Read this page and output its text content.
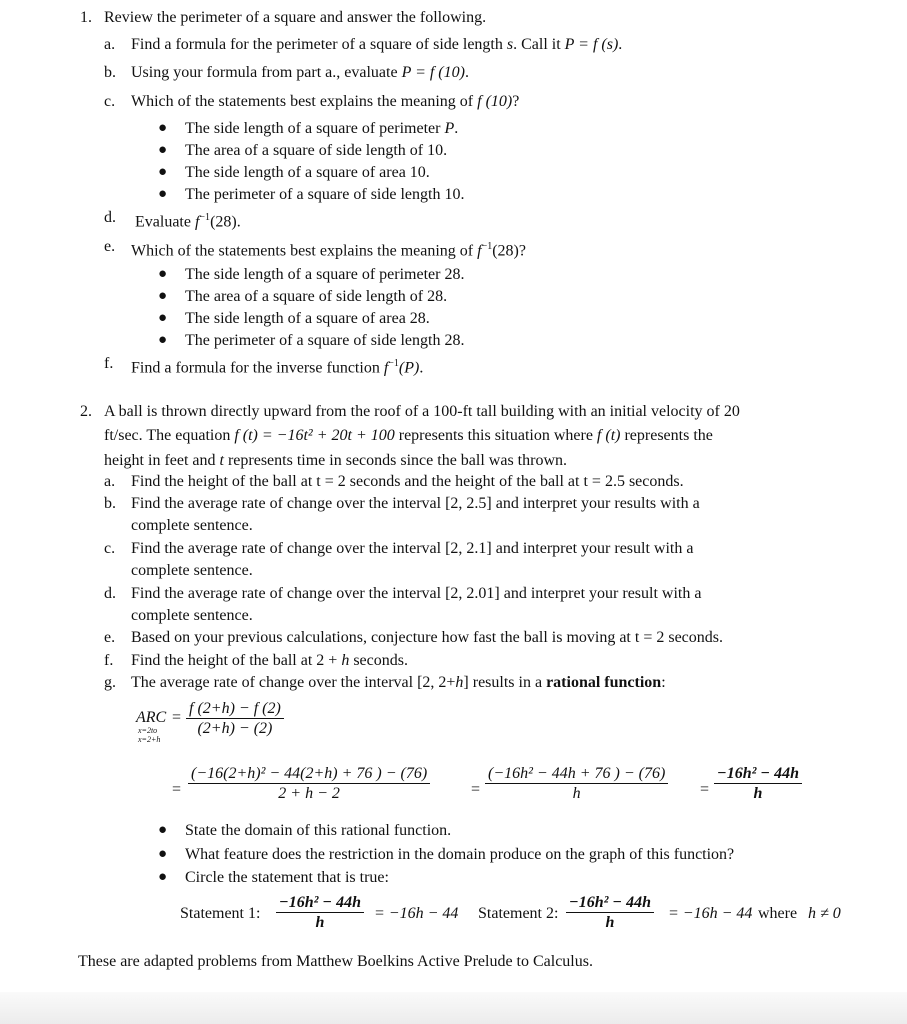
1. Review the perimeter of a square and answer the following.
a. Find a formula for the perimeter of a square of side length s. Call it P = f (s).
b. Using your formula from part a., evaluate P = f (10).
c. Which of the statements best explains the meaning of f (10)?
● The side length of a square of perimeter P.
● The area of a square of side length of 10.
● The side length of a square of area 10.
● The perimeter of a square of side length 10.
d. Evaluate $f^{-1}(28)$.
e. Which of the statements best explains the meaning of $f^{-1}(28)$?
● The side length of a square of perimeter 28.
● The area of a square of side length of 28.
● The side length of a square of area 28.
● The perimeter of a square of side length 28.
f. Find a formula for the inverse function $f^{-1}(P)$.
2. A ball is thrown directly upward from the roof of a 100-ft tall building with an initial velocity of 20
ft/sec. The equation f (t) = −16t² + 20t + 100 represents this situation where f (t) represents the
height in feet and t represents time in seconds since the ball was thrown.
a. Find the height of the ball at t = 2 seconds and the height of the ball at t = 2.5 seconds.
b. Find the average rate of change over the interval [2, 2.5] and interpret your results with a
complete sentence.
c. Find the average rate of change over the interval [2, 2.1] and interpret your result with a
complete sentence.
d. Find the average rate of change over the interval [2, 2.01] and interpret your result with a
complete sentence.
e. Based on your previous calculations, conjecture how fast the ball is moving at t = 2 seconds.
f. Find the height of the ball at 2 + h seconds.
g. The average rate of change over the interval [2, 2+h] results in a rational function:
ARC
x=2to
x=2+h
= $\frac{f (2+h) - f (2)}{(2+h) - (2)}$
= $\frac{\text{(−16(2+h)² − 44(2+h) + 76 ) − (76)}}{2 + h - 2}$	= $\frac{\text{(−16h² − 44h + 76 ) − (76)}}{h} = \frac{\text{−16h² − 44h}}{h}$
● State the domain of this rational function.
● What feature does the restriction in the domain produce on the graph of this function?
● Circle the statement that is true:
Statement 1: $\frac{\text{−16h² − 44h}}{h} = -16h - 44$ Statement 2: $\frac{\text{−16h² − 44h}}{h} = -16h - 44$ where h ≠ 0
These are adapted problems from Matthew Boelkins Active Prelude to Calculus.
